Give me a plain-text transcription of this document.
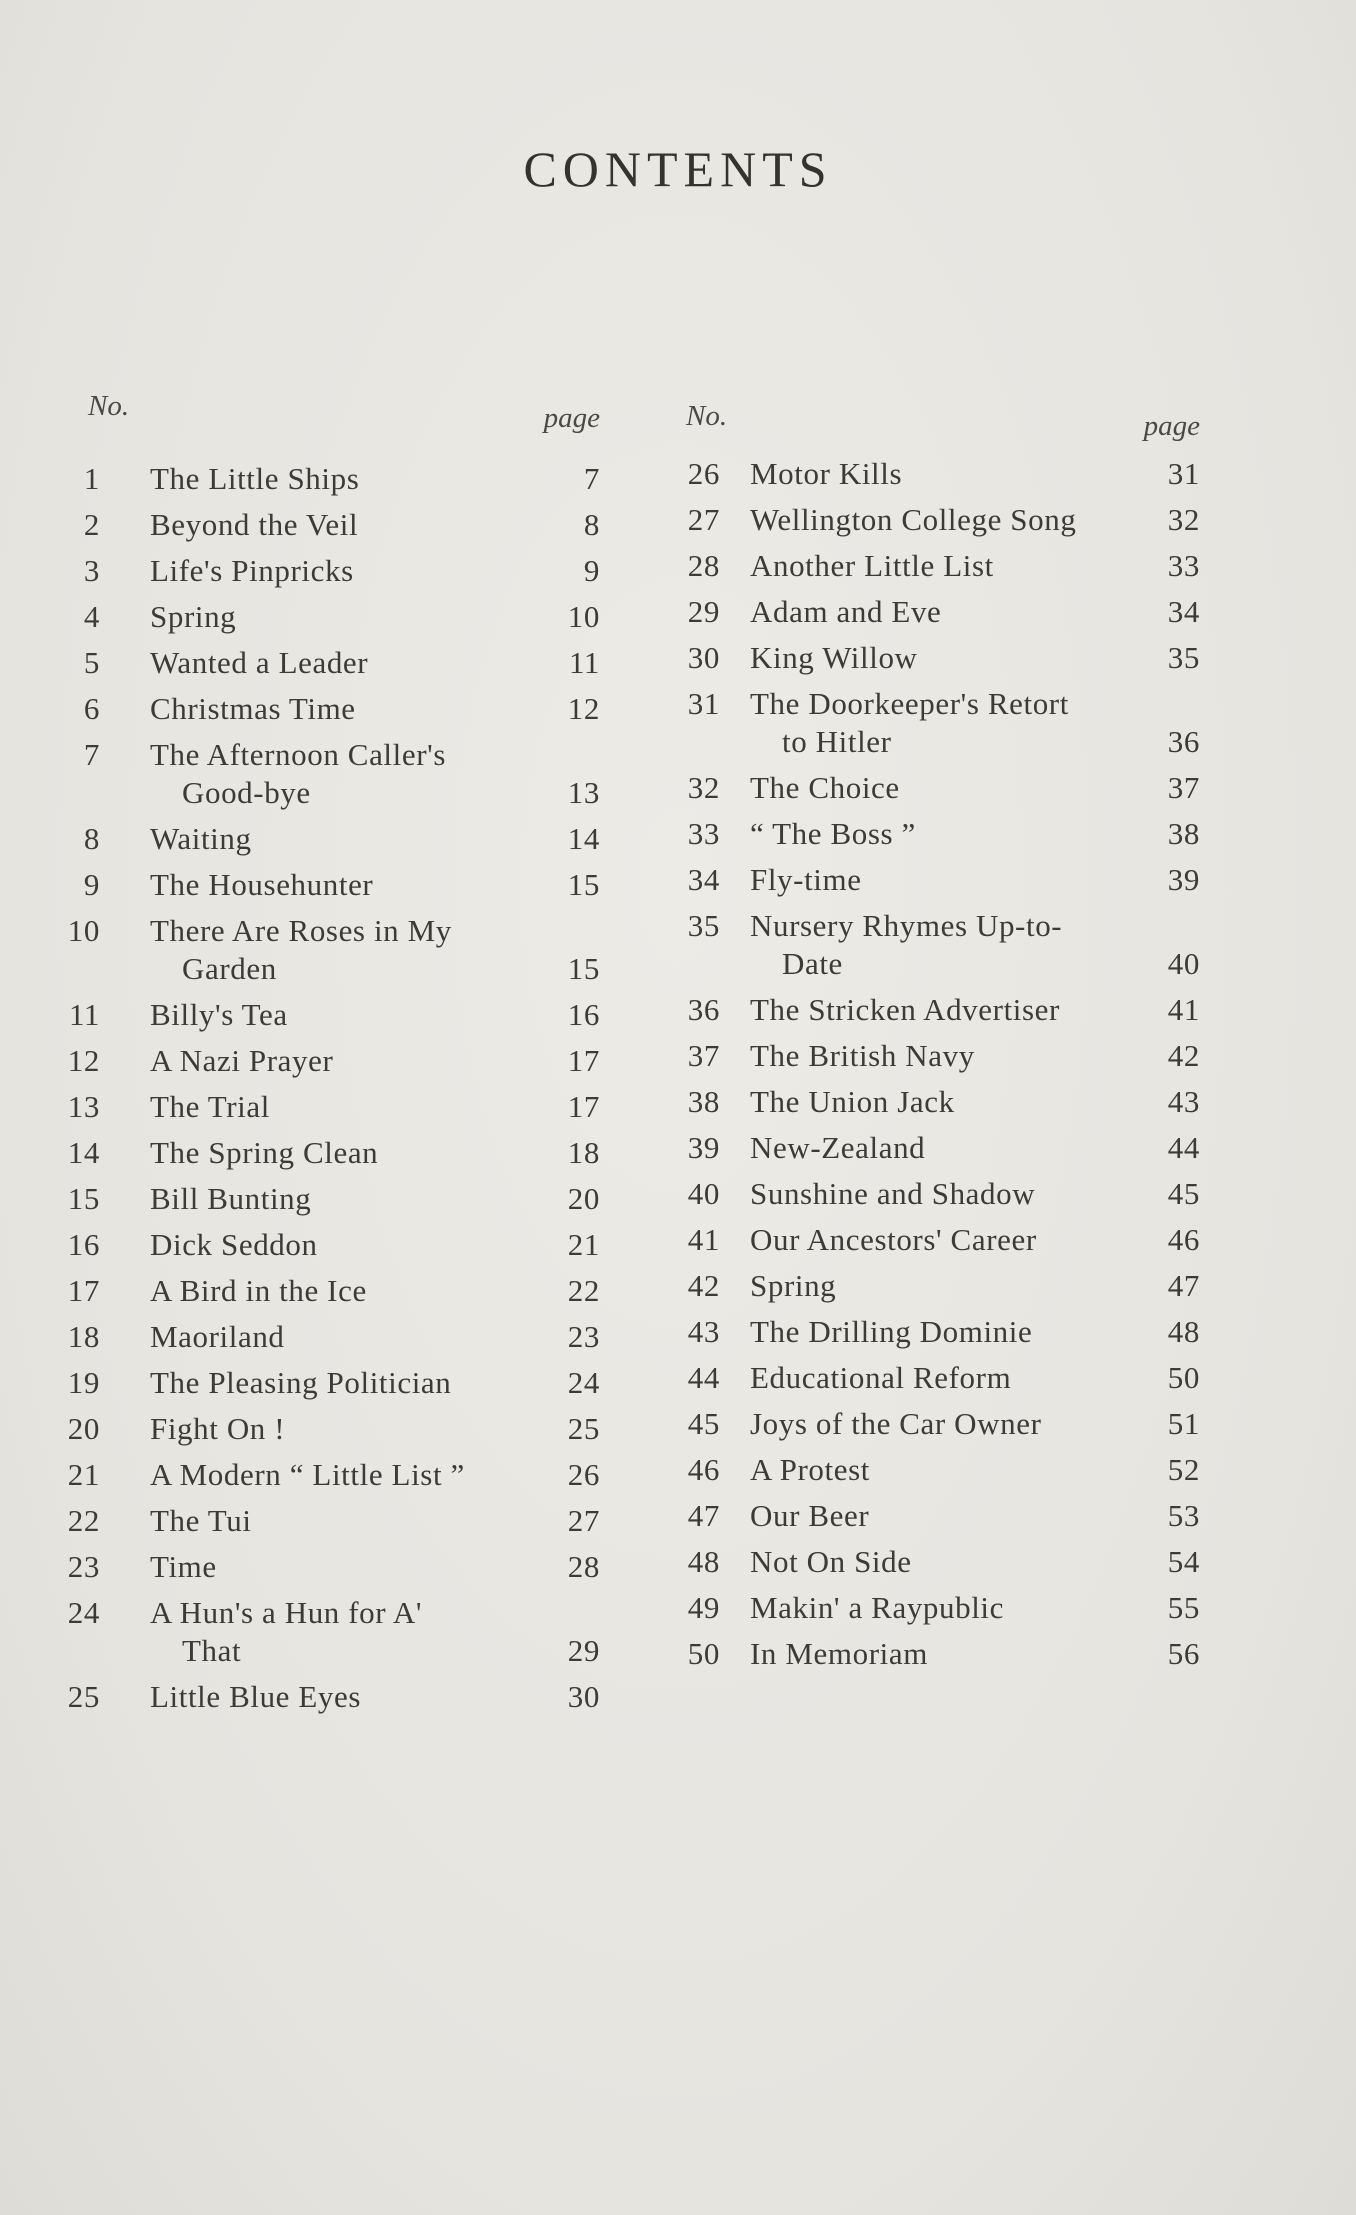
CONTENTS
No.	page
1 The Little Ships	7
2 Beyond the Veil	8
3 Life's Pinpricks	9
4 Spring	10
5 Wanted a Leader	11
6 Christmas Time	12
7 The Afternoon Caller's
Good-bye	13
8 Waiting	14
9 The Househunter	15
10 There Are Roses in My
Garden	15
11 Billy's Tea	16
12 A Nazi Prayer	17
13 The Trial	17
14 The Spring Clean	18
15 Bill Bunting	20
16 Dick Seddon	21
17 A Bird in the Ice	22
18 Maoriland	23
19 The Pleasing Politician	24
20 Fight On !	25
21 A Modern “ Little List ”	26
22 The Tui	27
23 Time	28
24 A Hun's a Hun for A'
That	29
25 Little Blue Eyes	30
No.	page
26 Motor Kills	31
27 Wellington College Song	32
28 Another Little List	33
29 Adam and Eve	34
30 King Willow	35
31 The Doorkeeper's Retort
to Hitler	36
32 The Choice	37
33 “ The Boss ”	38
34 Fly-time	39
35 Nursery Rhymes Up-to-
Date	40
36 The Stricken Advertiser	41
37 The British Navy	42
38 The Union Jack	43
39 New-Zealand	44
40 Sunshine and Shadow	45
41 Our Ancestors' Career	46
42 Spring	47
43 The Drilling Dominie	48
44 Educational Reform	50
45 Joys of the Car Owner	51
46 A Protest	52
47 Our Beer	53
48 Not On Side	54
49 Makin' a Raypublic	55
50 In Memoriam	56
